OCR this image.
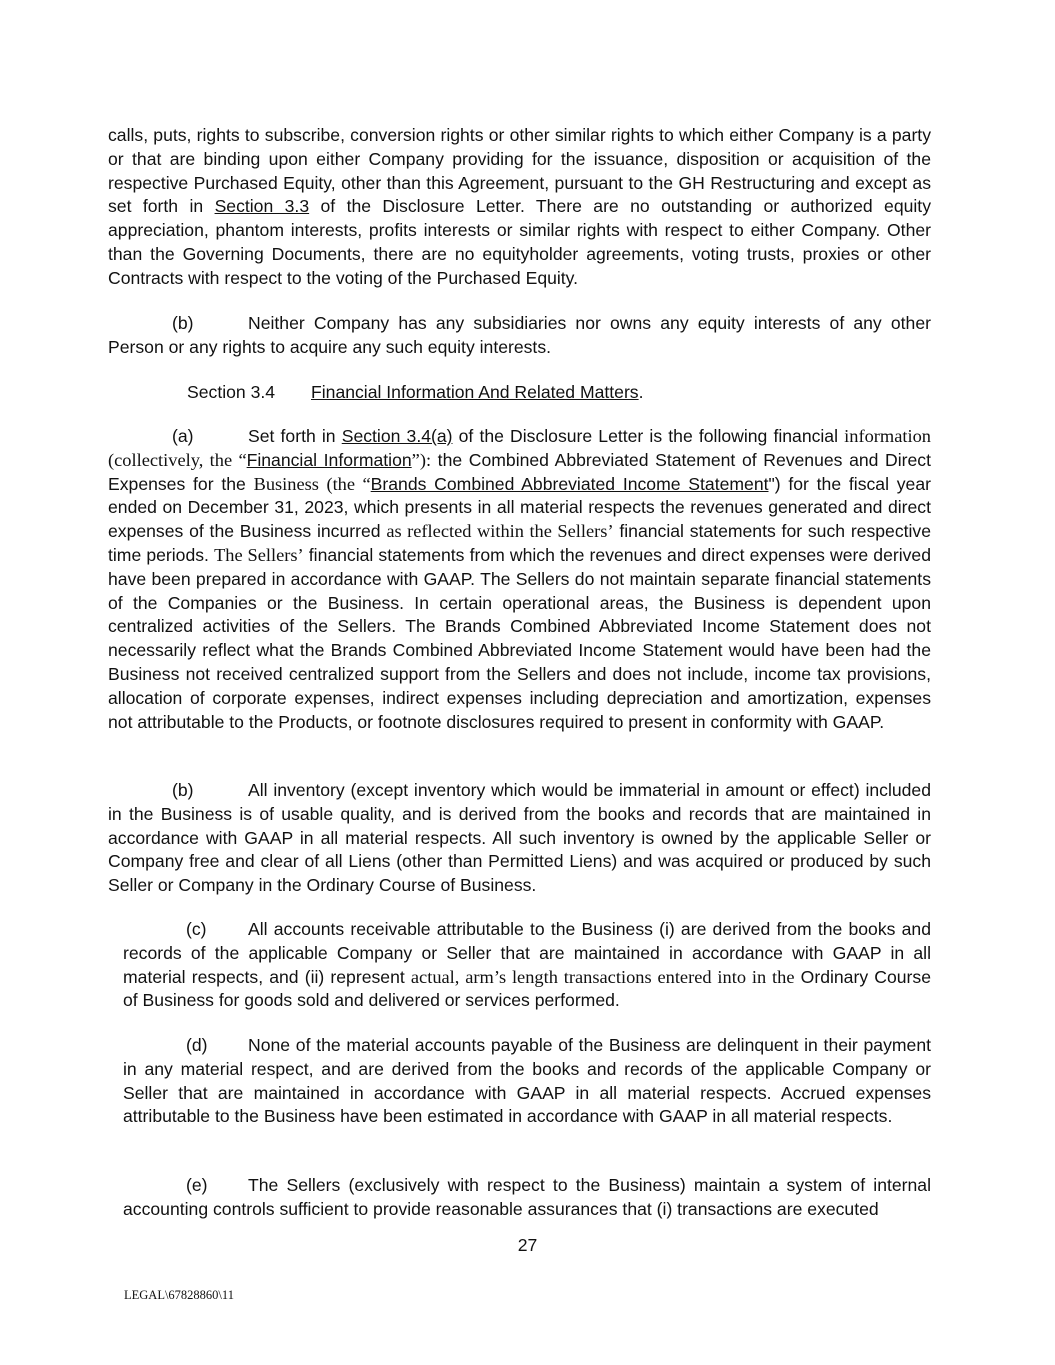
calls, puts, rights to subscribe, conversion rights or other similar rights to which either Company is a party or that are binding upon either Company providing for the issuance, disposition or acquisition of the respective Purchased Equity, other than this Agreement, pursuant to the GH Restructuring and except as set forth in Section 3.3 of the Disclosure Letter. There are no outstanding or authorized equity appreciation, phantom interests, profits interests or similar rights with respect to either Company. Other than the Governing Documents, there are no equityholder agreements, voting trusts, proxies or other Contracts with respect to the voting of the Purchased Equity.

(b)	Neither Company has any subsidiaries nor owns any equity interests of any other Person or any rights to acquire any such equity interests.

Section 3.4 Financial Information And Related Matters.

(a)	Set forth in Section 3.4(a) of the Disclosure Letter is the following financial information (collectively, the “Financial Information”): the Combined Abbreviated Statement of Revenues and Direct Expenses for the Business (the “Brands Combined Abbreviated Income Statement") for the fiscal year ended on December 31, 2023, which presents in all material respects the revenues generated and direct expenses of the Business incurred as reflected within the Sellers’ financial statements for such respective time periods. The Sellers’ financial statements from which the revenues and direct expenses were derived have been prepared in accordance with GAAP. The Sellers do not maintain separate financial statements of the Companies or the Business. In certain operational areas, the Business is dependent upon centralized activities of the Sellers. The Brands Combined Abbreviated Income Statement does not necessarily reflect what the Brands Combined Abbreviated Income Statement would have been had the Business not received centralized support from the Sellers and does not include, income tax provisions, allocation of corporate expenses, indirect expenses including depreciation and amortization, expenses not attributable to the Products, or footnote disclosures required to present in conformity with GAAP.

(b)	All inventory (except inventory which would be immaterial in amount or effect) included in the Business is of usable quality, and is derived from the books and records that are maintained in accordance with GAAP in all material respects. All such inventory is owned by the applicable Seller or Company free and clear of all Liens (other than Permitted Liens) and was acquired or produced by such Seller or Company in the Ordinary Course of Business.

(c) All accounts receivable attributable to the Business (i) are derived from the books and records of the applicable Company or Seller that are maintained in accordance with GAAP in all material respects, and (ii) represent actual, arm’s length transactions entered into in the Ordinary Course of Business for goods sold and delivered or services performed.

(d) None of the material accounts payable of the Business are delinquent in their payment in any material respect, and are derived from the books and records of the applicable Company or Seller that are maintained in accordance with GAAP in all material respects. Accrued expenses attributable to the Business have been estimated in accordance with GAAP in all material respects.

(e) The Sellers (exclusively with respect to the Business) maintain a system of internal accounting controls sufficient to provide reasonable assurances that (i) transactions are executed

27
LEGAL\67828860\11
